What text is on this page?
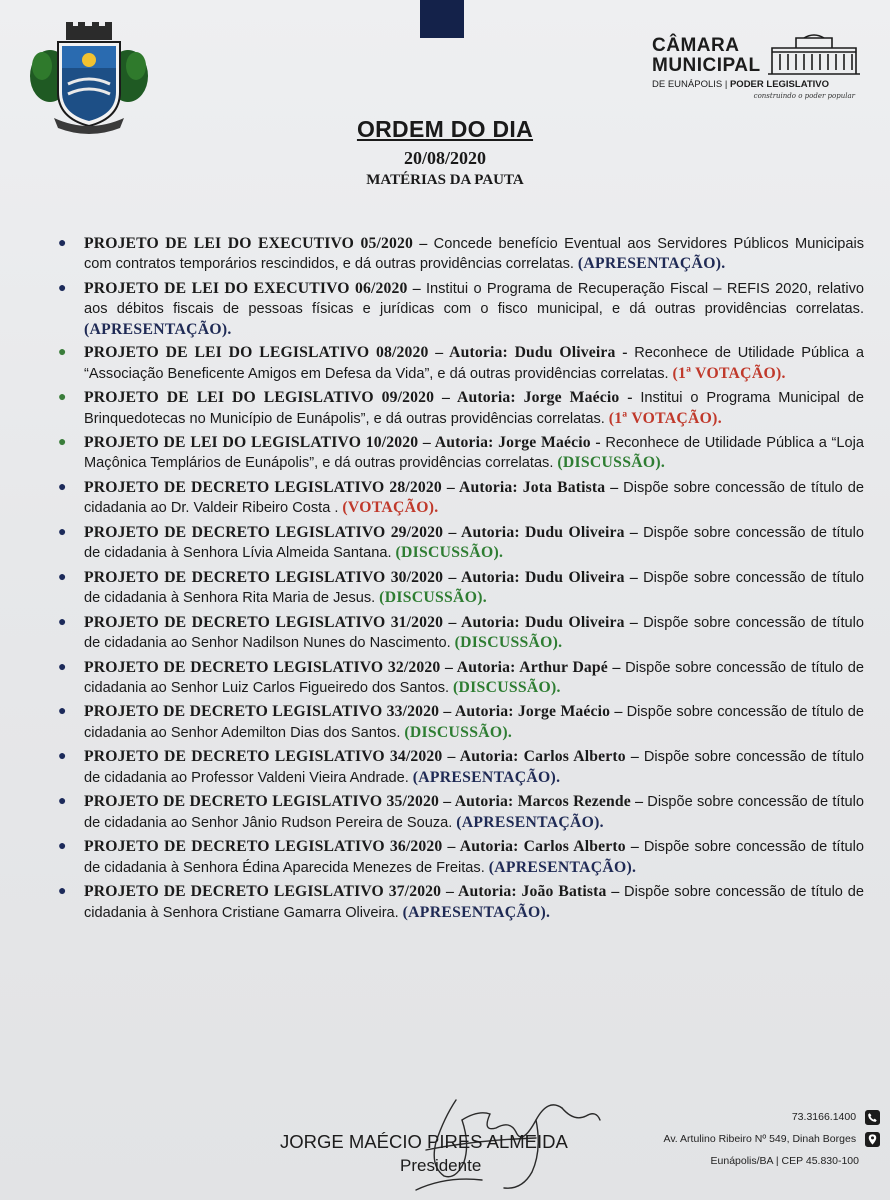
CÂMARA
MUNICIPAL
DE EUNÁPOLIS | PODER LEGISLATIVO
construindo o poder popular
ORDEM DO DIA
20/08/2020
MATÉRIAS DA PAUTA
● PROJETO DE LEI DO EXECUTIVO 05/2020 – Concede benefício Eventual aos Servidores Públicos Municipais com contratos temporários rescindidos, e dá outras providências correlatas. (APRESENTAÇÃO).
● PROJETO DE LEI DO EXECUTIVO 06/2020 – Institui o Programa de Recuperação Fiscal – REFIS 2020, relativo aos débitos fiscais de pessoas físicas e jurídicas com o fisco municipal, e dá outras providências correlatas. (APRESENTAÇÃO).
● PROJETO DE LEI DO LEGISLATIVO 08/2020 – Autoria: Dudu Oliveira - Reconhece de Utilidade Pública a “Associação Beneficente Amigos em Defesa da Vida”, e dá outras providências correlatas. (1ª VOTAÇÃO).
● PROJETO DE LEI DO LEGISLATIVO 09/2020 – Autoria: Jorge Maécio - Institui o Programa Municipal de Brinquedotecas no Município de Eunápolis”, e dá outras providências correlatas. (1ª VOTAÇÃO).
● PROJETO DE LEI DO LEGISLATIVO 10/2020 – Autoria: Jorge Maécio - Reconhece de Utilidade Pública a “Loja Maçônica Templários de Eunápolis”, e dá outras providências correlatas. (DISCUSSÃO).
● PROJETO DE DECRETO LEGISLATIVO 28/2020 – Autoria: Jota Batista – Dispõe sobre concessão de título de cidadania ao Dr. Valdeir Ribeiro Costa . (VOTAÇÃO).
● PROJETO DE DECRETO LEGISLATIVO 29/2020 – Autoria: Dudu Oliveira – Dispõe sobre concessão de título de cidadania à Senhora Lívia Almeida Santana. (DISCUSSÃO).
● PROJETO DE DECRETO LEGISLATIVO 30/2020 – Autoria: Dudu Oliveira – Dispõe sobre concessão de título de cidadania à Senhora Rita Maria de Jesus. (DISCUSSÃO).
● PROJETO DE DECRETO LEGISLATIVO 31/2020 – Autoria: Dudu Oliveira – Dispõe sobre concessão de título de cidadania ao Senhor Nadilson Nunes do Nascimento. (DISCUSSÃO).
● PROJETO DE DECRETO LEGISLATIVO 32/2020 – Autoria: Arthur Dapé – Dispõe sobre concessão de título de cidadania ao Senhor Luiz Carlos Figueiredo dos Santos. (DISCUSSÃO).
● PROJETO DE DECRETO LEGISLATIVO 33/2020 – Autoria: Jorge Maécio – Dispõe sobre concessão de título de cidadania ao Senhor Ademilton Dias dos Santos. (DISCUSSÃO).
● PROJETO DE DECRETO LEGISLATIVO 34/2020 – Autoria: Carlos Alberto – Dispõe sobre concessão de título de cidadania ao Professor Valdeni Vieira Andrade. (APRESENTAÇÃO).
● PROJETO DE DECRETO LEGISLATIVO 35/2020 – Autoria: Marcos Rezende – Dispõe sobre concessão de título de cidadania ao Senhor Jânio Rudson Pereira de Souza. (APRESENTAÇÃO).
● PROJETO DE DECRETO LEGISLATIVO 36/2020 – Autoria: Carlos Alberto – Dispõe sobre concessão de título de cidadania à Senhora Édina Aparecida Menezes de Freitas. (APRESENTAÇÃO).
● PROJETO DE DECRETO LEGISLATIVO 37/2020 – Autoria: João Batista – Dispõe sobre concessão de título de cidadania à Senhora Cristiane Gamarra Oliveira. (APRESENTAÇÃO).
JORGE MAÉCIO PIRES ALMEIDA
Presidente
73.3166.1400
Av. Artulino Ribeiro Nº 549, Dinah Borges
Eunápolis/BA | CEP 45.830-100
